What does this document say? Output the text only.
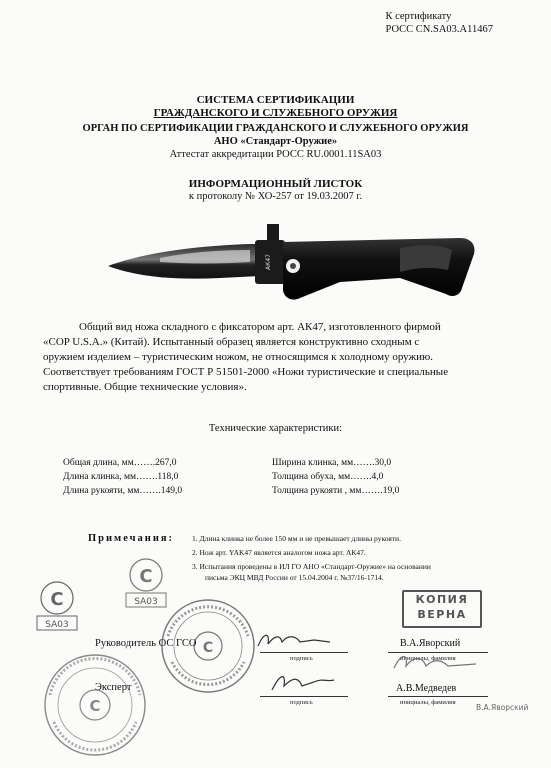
К сертификату
РОСС CN.SA03.A11467
СИСТЕМА СЕРТИФИКАЦИИ
ГРАЖДАНСКОГО И СЛУЖЕБНОГО ОРУЖИЯ
ОРГАН ПО СЕРТИФИКАЦИИ ГРАЖДАНСКОГО И СЛУЖЕБНОГО ОРУЖИЯ
АНО «Стандарт-Оружие»
Аттестат аккредитации РОСС RU.0001.11SA03
ИНФОРМАЦИОННЫЙ ЛИСТОК
к протоколу № ХО-257 от 19.03.2007 г.
АК47
Общий вид ножа складного с фиксатором арт. АК47, изготовленного фирмой
«COP U.S.A.» (Китай). Испытанный образец является конструктивно сходным с
оружием изделием – туристическим ножом, не относящимся к холодному оружию.
Соответствует требованиям ГОСТ Р 51501-2000 «Ножи туристические и специальные
спортивные. Общие технические условия».
Технические характеристики:
Общая длина, мм…….267,0
Длина клинка, мм…….118,0
Длина рукояти, мм…….149,0
Ширина клинка, мм…….30,0
Толщина обуха, мм…….4,0
Толщина рукояти , мм…….19,0
Примечания: 1. Длина клинка не более 150 мм и не превышает длины рукояти.
2. Нож арт. YAK47 является аналогом ножа арт. АК47.
3. Испытания проведены в ИЛ ГО АНО «Стандарт-Оружие» на основании
письма ЭКЦ МВД России от 15.04.2004 г. №37/16-1714.
С
SA03
С
SA03	КОПИЯ
ВЕРНА
С
С
Руководитель ОС ГСО
подпись
В.А.Яворский
инициалы, фамилия
Эксперт
подпись
А.В.Медведев
инициалы, фамилия
В.А.Яворский
